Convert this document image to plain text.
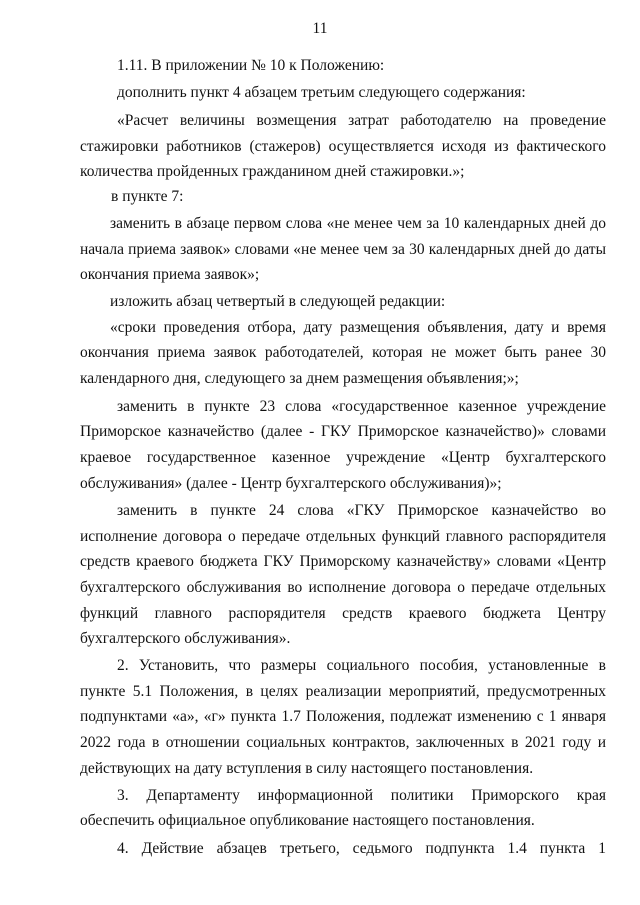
11
1.11. В приложении № 10 к Положению:
дополнить пункт 4 абзацем третьим следующего содержания:
«Расчет величины возмещения затрат работодателю на проведение
стажировки работников (стажеров) осуществляется исходя из фактического
количества пройденных гражданином дней стажировки.»;
в пункте 7:
заменить в абзаце первом слова «не менее чем за 10 календарных дней до
начала приема заявок» словами «не менее чем за 30 календарных дней до даты
окончания приема заявок»;
изложить абзац четвертый в следующей редакции:
«сроки проведения отбора, дату размещения объявления, дату и время
окончания приема заявок работодателей, которая не может быть ранее 30
календарного дня, следующего за днем размещения объявления;»;
заменить в пункте 23 слова «государственное казенное учреждение
Приморское казначейство (далее - ГКУ Приморское казначейство)» словами
краевое государственное казенное учреждение «Центр бухгалтерского
обслуживания» (далее - Центр бухгалтерского обслуживания)»;
заменить в пункте 24 слова «ГКУ Приморское казначейство во
исполнение договора о передаче отдельных функций главного распорядителя
средств краевого бюджета ГКУ Приморскому казначейству» словами «Центр
бухгалтерского обслуживания во исполнение договора о передаче отдельных
функций главного распорядителя средств краевого бюджета Центру
бухгалтерского обслуживания».
2. Установить, что размеры социального пособия, установленные в
пункте 5.1 Положения, в целях реализации мероприятий, предусмотренных
подпунктами «а», «г» пункта 1.7 Положения, подлежат изменению с 1 января
2022 года в отношении социальных контрактов, заключенных в 2021 году и
действующих на дату вступления в силу настоящего постановления.
3. Департаменту информационной политики Приморского края
обеспечить официальное опубликование настоящего постановления.
4. Действие абзацев третьего, седьмого подпункта 1.4 пункта 1
